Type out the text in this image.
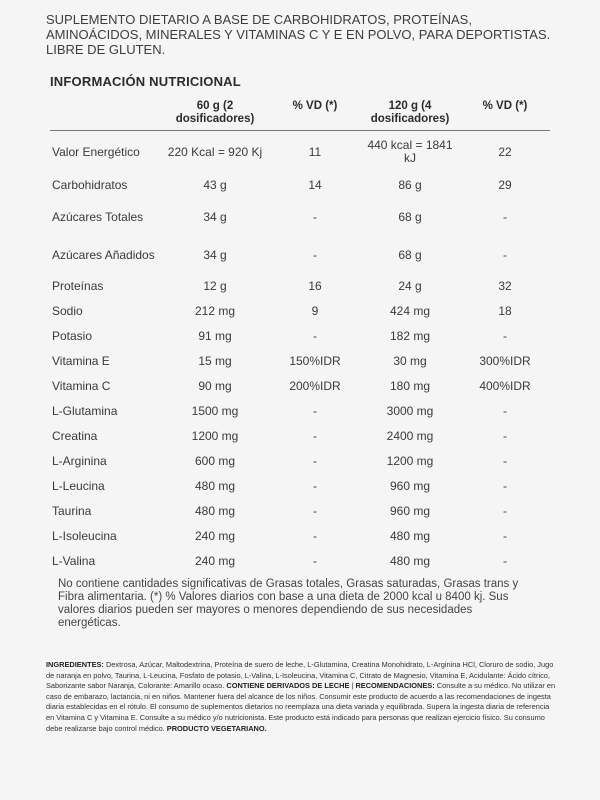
SUPLEMENTO DIETARIO A BASE DE CARBOHIDRATOS, PROTEÍNAS, AMINOÁCIDOS, MINERALES Y VITAMINAS C Y E EN POLVO, PARA DEPORTISTAS. LIBRE DE GLUTEN.
INFORMACIÓN NUTRICIONAL
	60 g (2 dosificadores)	% VD (*)	120 g (4 dosificadores)	% VD (*)
Valor Energético	220 Kcal = 920 Kj	11	440 kcal = 1841 kJ	22
Carbohidratos	43 g	14	86 g	29
Azúcares Totales	34 g	-	68 g	-
Azúcares Añadidos	34 g	-	68 g	-
Proteínas	12 g	16	24 g	32
Sodio	212 mg	9	424 mg	18
Potasio	91 mg	-	182 mg	-
Vitamina E	15 mg	150%IDR	30 mg	300%IDR
Vitamina C	90 mg	200%IDR	180 mg	400%IDR
L-Glutamina	1500 mg	-	3000 mg	-
Creatina	1200 mg	-	2400 mg	-
L-Arginina	600 mg	-	1200 mg	-
L-Leucina	480 mg	-	960 mg	-
Taurina	480 mg	-	960 mg	-
L-Isoleucina	240 mg	-	480 mg	-
L-Valina	240 mg	-	480 mg	-
No contiene cantidades significativas de Grasas totales, Grasas saturadas, Grasas trans y Fibra alimentaria. (*) % Valores diarios con base a una dieta de 2000 kcal u 8400 kj. Sus valores diarios pueden ser mayores o menores dependiendo de sus necesidades energéticas.
INGREDIENTES: Dextrosa, Azúcar, Maltodextrina, Proteína de suero de leche, L-Glutamina, Creatina Monohidrato, L-Arginina HCl, Cloruro de sodio, Jugo de naranja en polvo, Taurina, L-Leucina, Fosfato de potasio, L-Valina, L-Isoleucina, Vitamina C, Citrato de Magnesio, Vitamina E, Acidulante: Ácido cítrico, Saborizante sabor Naranja, Colorante: Amarillo ocaso. CONTIENE DERIVADOS DE LECHE | RECOMENDACIONES: Consulte a su médico. No utilizar en caso de embarazo, lactancia, ni en niños. Mantener fuera del alcance de los niños. Consumir este producto de acuerdo a las recomendaciones de ingesta diaria establecidas en el rótulo. El consumo de suplementos dietarios no reemplaza una dieta variada y equilibrada. Supera la ingesta diaria de referencia en Vitamina C y Vitamina E. Consulte a su médico y/o nutricionista. Este producto está indicado para personas que realizan ejercicio físico. Su consumo debe realizarse bajo control médico. PRODUCTO VEGETARIANO.
